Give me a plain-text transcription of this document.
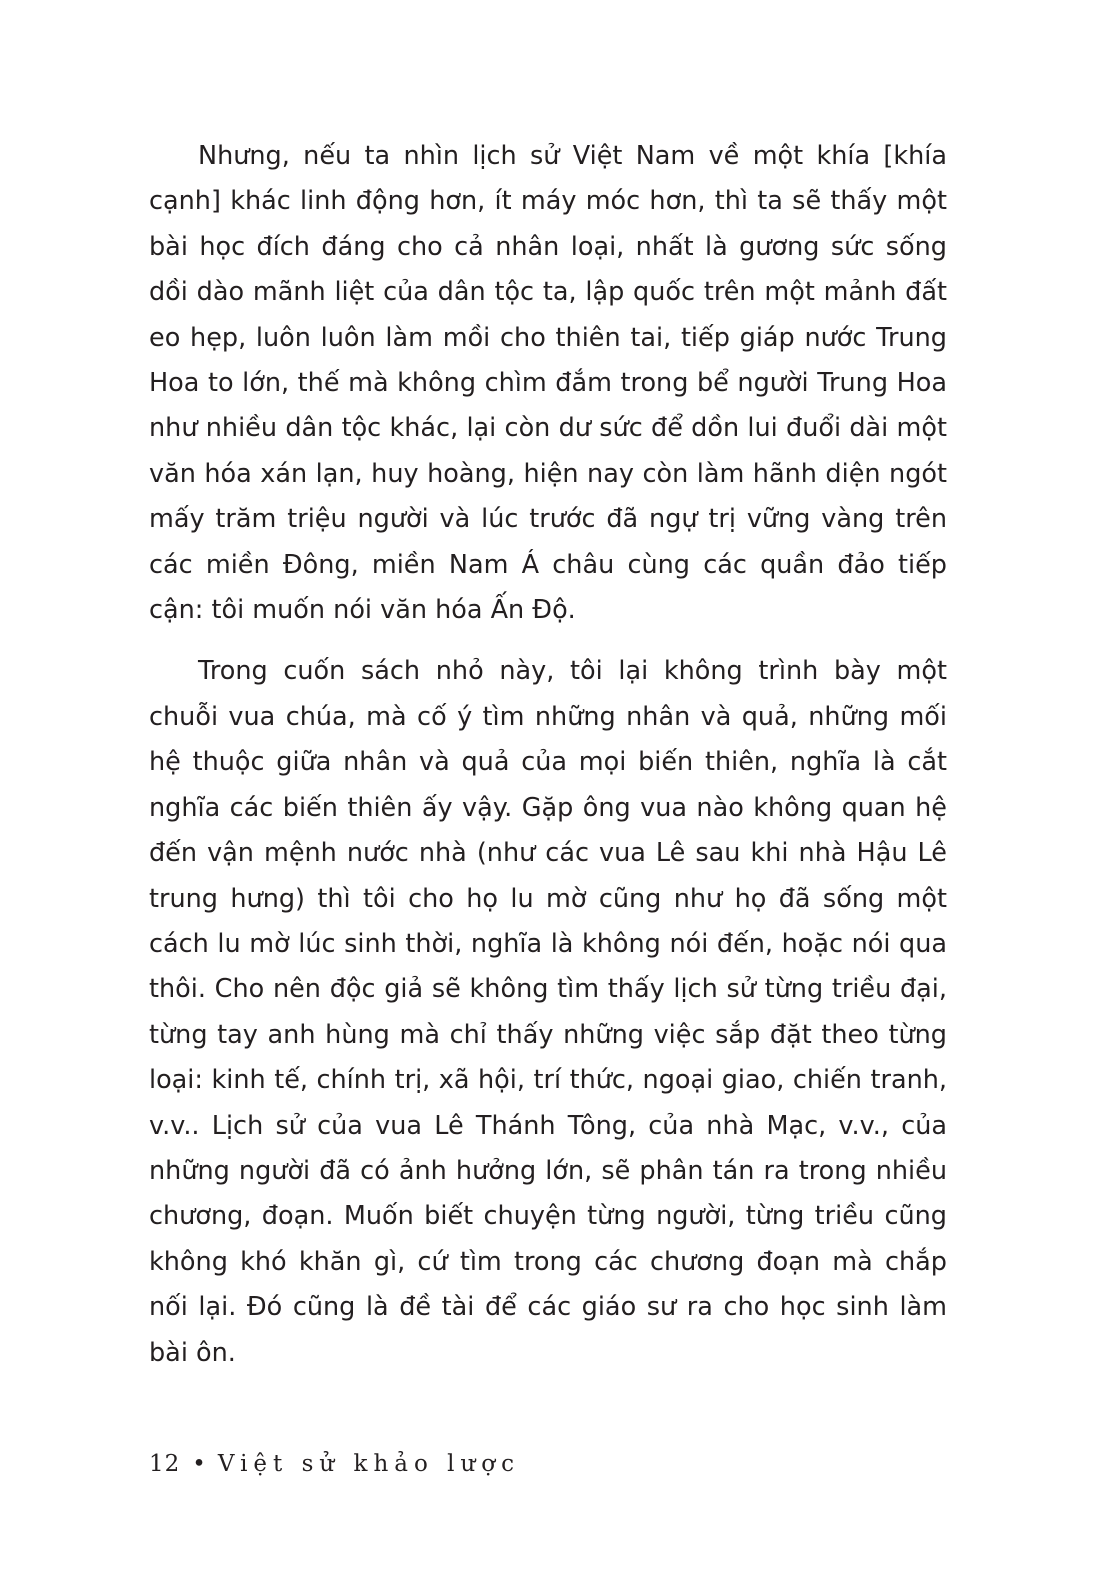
Nhưng, nếu ta nhìn lịch sử Việt Nam về một khía [khía cạnh] khác linh động hơn, ít máy móc hơn, thì ta sẽ thấy một bài học đích đáng cho cả nhân loại, nhất là gương sức sống dồi dào mãnh liệt của dân tộc ta, lập quốc trên một mảnh đất eo hẹp, luôn luôn làm mồi cho thiên tai, tiếp giáp nước Trung Hoa to lớn, thế mà không chìm đắm trong bể người Trung Hoa như nhiều dân tộc khác, lại còn dư sức để dồn lui đuổi dài một văn hóa xán lạn, huy hoàng, hiện nay còn làm hãnh diện ngót mấy trăm triệu người và lúc trước đã ngự trị vững vàng trên các miền Đông, miền Nam Á châu cùng các quần đảo tiếp cận: tôi muốn nói văn hóa Ấn Độ.

Trong cuốn sách nhỏ này, tôi lại không trình bày một chuỗi vua chúa, mà cố ý tìm những nhân và quả, những mối hệ thuộc giữa nhân và quả của mọi biến thiên, nghĩa là cắt nghĩa các biến thiên ấy vậy. Gặp ông vua nào không quan hệ đến vận mệnh nước nhà (như các vua Lê sau khi nhà Hậu Lê trung hưng) thì tôi cho họ lu mờ cũng như họ đã sống một cách lu mờ lúc sinh thời, nghĩa là không nói đến, hoặc nói qua thôi. Cho nên độc giả sẽ không tìm thấy lịch sử từng triều đại, từng tay anh hùng mà chỉ thấy những việc sắp đặt theo từng loại: kinh tế, chính trị, xã hội, trí thức, ngoại giao, chiến tranh, v.v.. Lịch sử của vua Lê Thánh Tông, của nhà Mạc, v.v., của những người đã có ảnh hưởng lớn, sẽ phân tán ra trong nhiều chương, đoạn. Muốn biết chuyện từng người, từng triều cũng không khó khăn gì, cứ tìm trong các chương đoạn mà chắp nối lại. Đó cũng là đề tài để các giáo sư ra cho học sinh làm bài ôn.

12 • Việt sử khảo lược
